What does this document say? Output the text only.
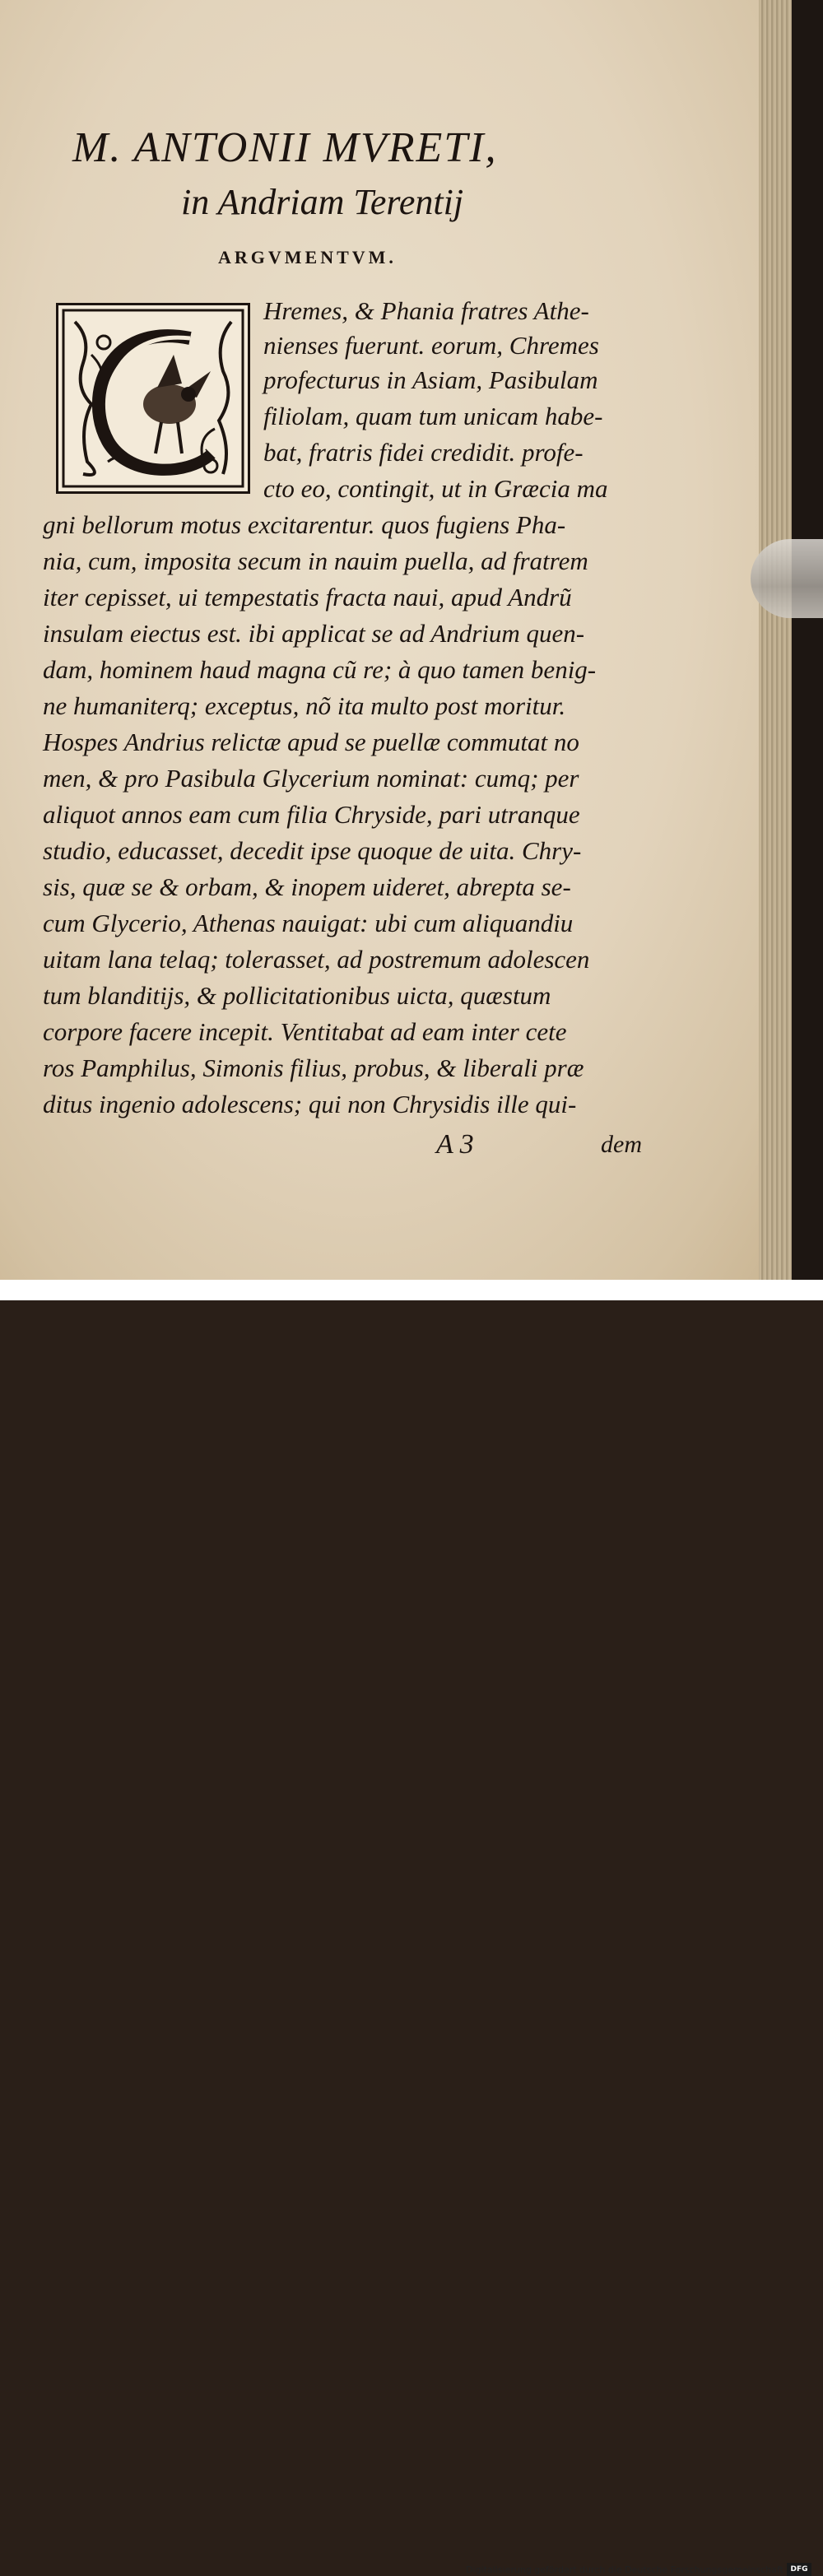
M. ANTONII MVRETI,
in Andriam Terentij
ARGVMENTVM.
Hremes, & Phania fratres Athe-
nienses fuerunt. eorum, Chremes
profecturus in Asiam, Pasibulam
filiolam, quam tum unicam habe-
bat, fratris fidei credidit. profe-
cto eo, contingit, ut in Græcia ma
gni bellorum motus excitarentur. quos fugiens Pha-
nia, cum, imposita secum in nauim puella, ad fratrem
iter cepisset, ui tempestatis fracta naui, apud Andrũ
insulam eiectus est. ibi applicat se ad Andrium quen-
dam, hominem haud magna cũ re; à quo tamen benig-
ne humaniterq; exceptus, nõ ita multo post moritur.
Hospes Andrius relictæ apud se puellæ commutat no
men, & pro Pasibula Glycerium nominat: cumq; per
aliquot annos eam cum filia Chryside, pari utranque
studio, educasset, decedit ipse quoque de uita. Chry-
sis, quæ se & orbam, & inopem uideret, abrepta se-
cum Glycerio, Athenas nauigat: ubi cum aliquandiu
uitam lana telaq; tolerasset, ad postremum adolescen
tum blanditijs, & pollicitationibus uicta, quæstum
corpore facere incepit. Ventitabat ad eam inter cete
ros Pamphilus, Simonis filius, probus, & liberali præ
ditus ingenio adolescens; qui non Chrysidis ille qui-
A 3	dem
Digitalisierung gefördert durch die Deutsche Forschungsgemeinschaft DFG
